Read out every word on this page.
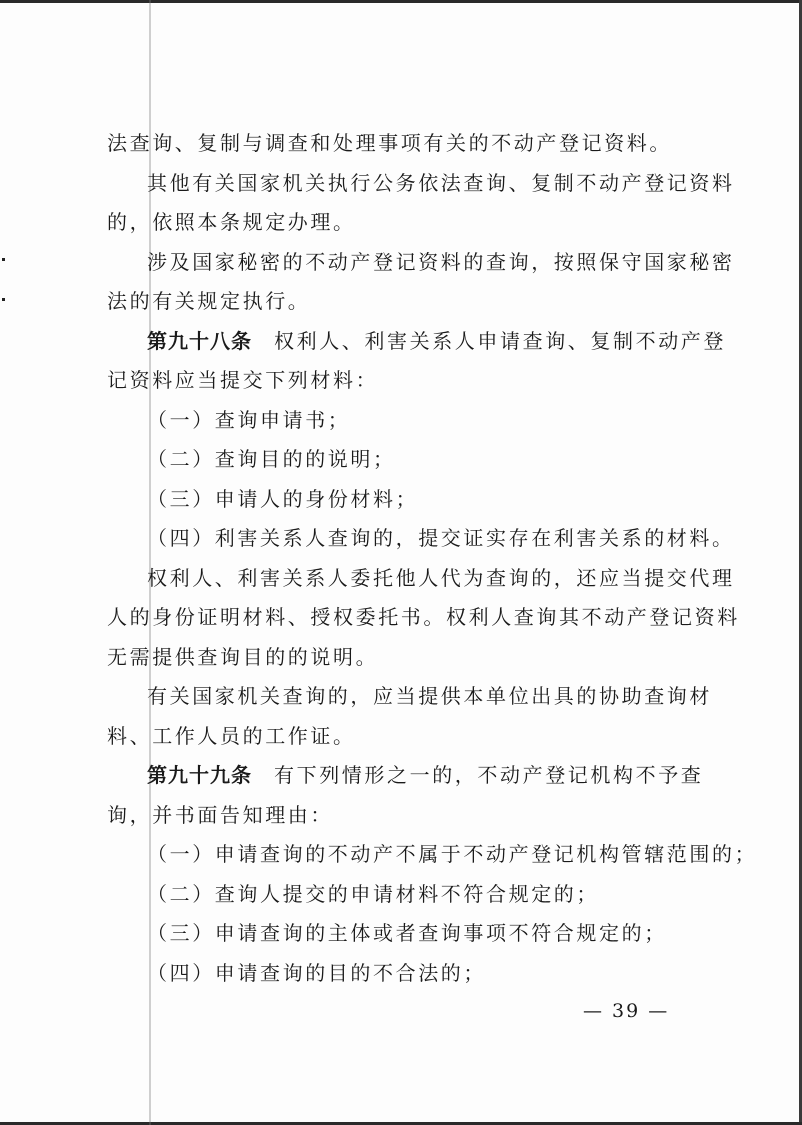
法查询、复制与调查和处理事项有关的不动产登记资料。
其他有关国家机关执行公务依法查询、复制不动产登记资料
的，依照本条规定办理。
涉及国家秘密的不动产登记资料的查询，按照保守国家秘密
法的有关规定执行。
第九十八条 权利人、利害关系人申请查询、复制不动产登
记资料应当提交下列材料：
（一）查询申请书；
（二）查询目的的说明；
（三）申请人的身份材料；
（四）利害关系人查询的，提交证实存在利害关系的材料。
权利人、利害关系人委托他人代为查询的，还应当提交代理
人的身份证明材料、授权委托书。权利人查询其不动产登记资料
无需提供查询目的的说明。
有关国家机关查询的，应当提供本单位出具的协助查询材
料、工作人员的工作证。
第九十九条 有下列情形之一的，不动产登记机构不予查
询，并书面告知理由：
（一）申请查询的不动产不属于不动产登记机构管辖范围的；
（二）查询人提交的申请材料不符合规定的；
（三）申请查询的主体或者查询事项不符合规定的；
（四）申请查询的目的不合法的；
— 39 —
